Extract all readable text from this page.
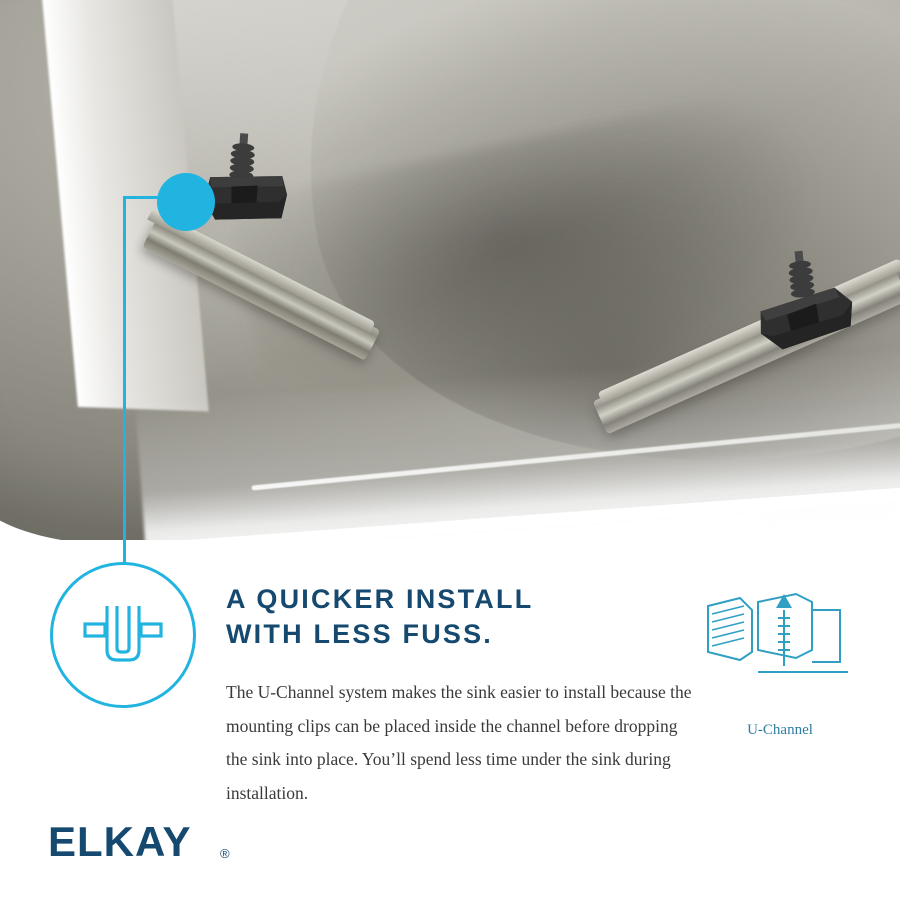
A QUICKER INSTALL
WITH LESS FUSS.
The U-Channel system makes the sink easier to install because the mounting clips can be placed inside the channel before dropping the sink into place. You’ll spend less time under the sink during installation.
U-Channel
ELKAY ®
